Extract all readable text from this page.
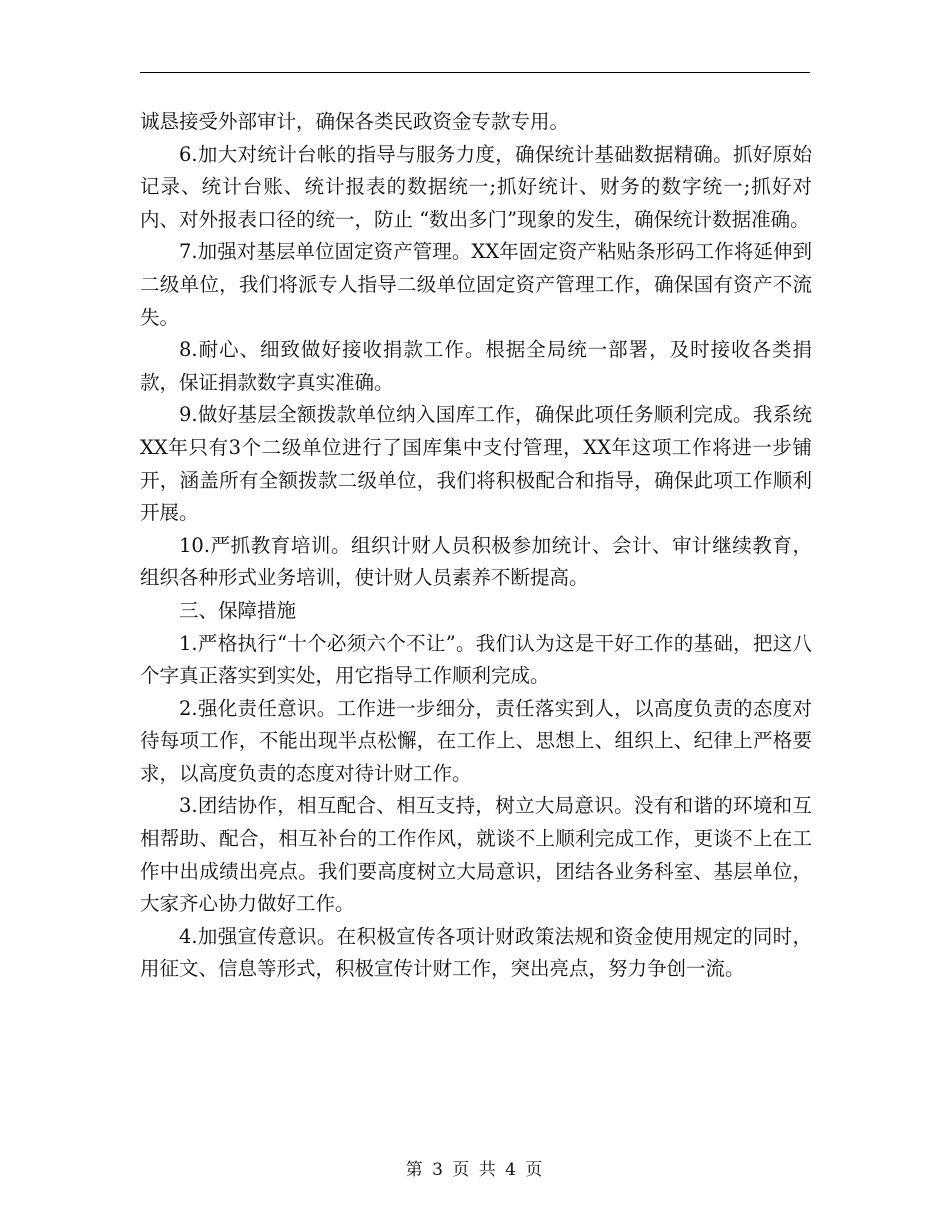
诚恳接受外部审计，确保各类民政资金专款专用。

6.加大对统计台帐的指导与服务力度，确保统计基础数据精确。抓好原始记录、统计台账、统计报表的数据统一;抓好统计、财务的数字统一;抓好对内、对外报表口径的统一，防止 “数出多门”现象的发生，确保统计数据准确。

7.加强对基层单位固定资产管理。XX年固定资产粘贴条形码工作将延伸到二级单位，我们将派专人指导二级单位固定资产管理工作，确保国有资产不流失。

8.耐心、细致做好接收捐款工作。根据全局统一部署，及时接收各类捐款，保证捐款数字真实准确。

9.做好基层全额拨款单位纳入国库工作，确保此项任务顺利完成。我系统XX年只有3个二级单位进行了国库集中支付管理，XX年这项工作将进一步铺开，涵盖所有全额拨款二级单位，我们将积极配合和指导，确保此项工作顺利开展。

10.严抓教育培训。组织计财人员积极参加统计、会计、审计继续教育，组织各种形式业务培训，使计财人员素养不断提高。

三、保障措施

1.严格执行“十个必须六个不让”。我们认为这是干好工作的基础，把这八个字真正落实到实处，用它指导工作顺利完成。

2.强化责任意识。工作进一步细分，责任落实到人，以高度负责的态度对待每项工作，不能出现半点松懈，在工作上、思想上、组织上、纪律上严格要求，以高度负责的态度对待计财工作。

3.团结协作，相互配合、相互支持，树立大局意识。没有和谐的环境和互相帮助、配合，相互补台的工作作风，就谈不上顺利完成工作，更谈不上在工作中出成绩出亮点。我们要高度树立大局意识，团结各业务科室、基层单位，大家齐心协力做好工作。

4.加强宣传意识。在积极宣传各项计财政策法规和资金使用规定的同时，用征文、信息等形式，积极宣传计财工作，突出亮点，努力争创一流。

第 3 页 共 4 页
